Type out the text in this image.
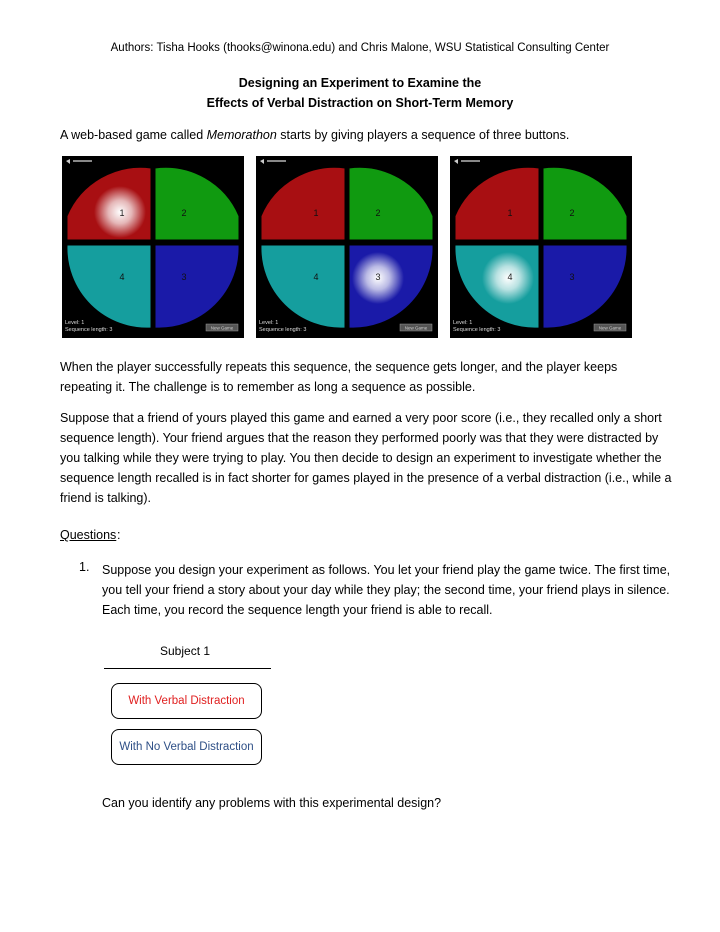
Authors: Tisha Hooks (thooks@winona.edu) and Chris Malone, WSU Statistical Consulting Center
Designing an Experiment to Examine the
Effects of Verbal Distraction on Short-Term Memory
A web-based game called Memorathon starts by giving players a sequence of three buttons.
1	2
3
4
Level: 1
Sequence length: 3	New Game
1	2
3
4
Level: 1
Sequence length: 3	New Game
1	2
3
4
Level: 1
Sequence length: 3	New Game
When the player successfully repeats this sequence, the sequence gets longer, and the player keeps repeating it. The challenge is to remember as long a sequence as possible.
Suppose that a friend of yours played this game and earned a very poor score (i.e., they recalled only a short sequence length). Your friend argues that the reason they performed poorly was that they were distracted by you talking while they were trying to play. You then decide to design an experiment to investigate whether the sequence length recalled is in fact shorter for games played in the presence of a verbal distraction (i.e., while a friend is talking).
Questions :
1. Suppose you design your experiment as follows. You let your friend play the game twice. The first time, you tell your friend a story about your day while they play; the second time, your friend plays in silence. Each time, you record the sequence length your friend is able to recall.
Subject 1
With Verbal Distraction
With No Verbal Distraction
Can you identify any problems with this experimental design?
